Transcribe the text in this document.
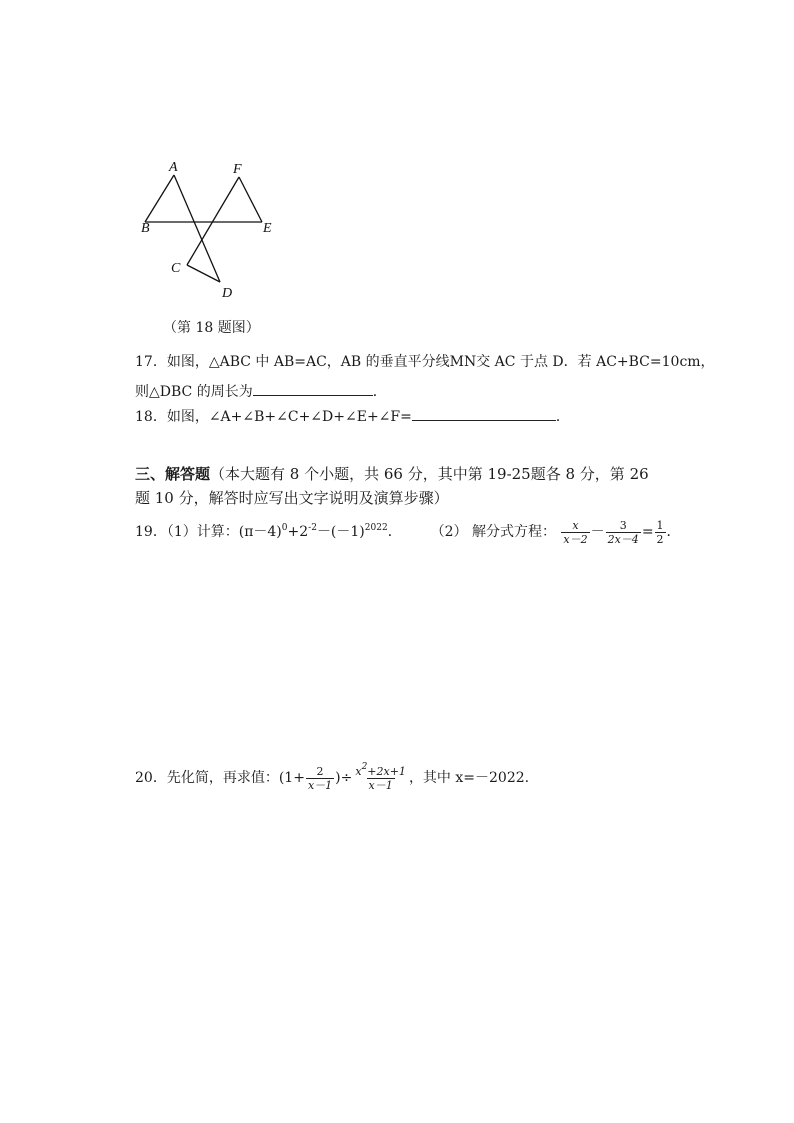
A
B
C
D
E
F
（第 18 题图）
17．如图，△ABC 中 AB=AC，AB 的垂直平分线MN交 AC 于点 D．若 AC+BC=10cm，
则△DBC 的周长为	．
18．如图，∠A+∠B+∠C+∠D+∠E+∠F=	．
三、解答题（本大题有 8 个小题，共 66 分，其中第 19-25题各 8 分，第 26
题 10 分，解答时应写出文字说明及演算步骤）
19．（1）计算：$(\pi-4)^0+2^{-2}-(-1)^{2022}$． （2） 解分式方程： $\frac{x}{x-2} - \frac{3}{2x-4} = \frac{1}{2}$ ．
20．先化简，再求值：($1+ \frac{2}{x-1}$ )÷ $\frac{x^2+2x+1}{x-1}$ ，其中 x=－2022.
